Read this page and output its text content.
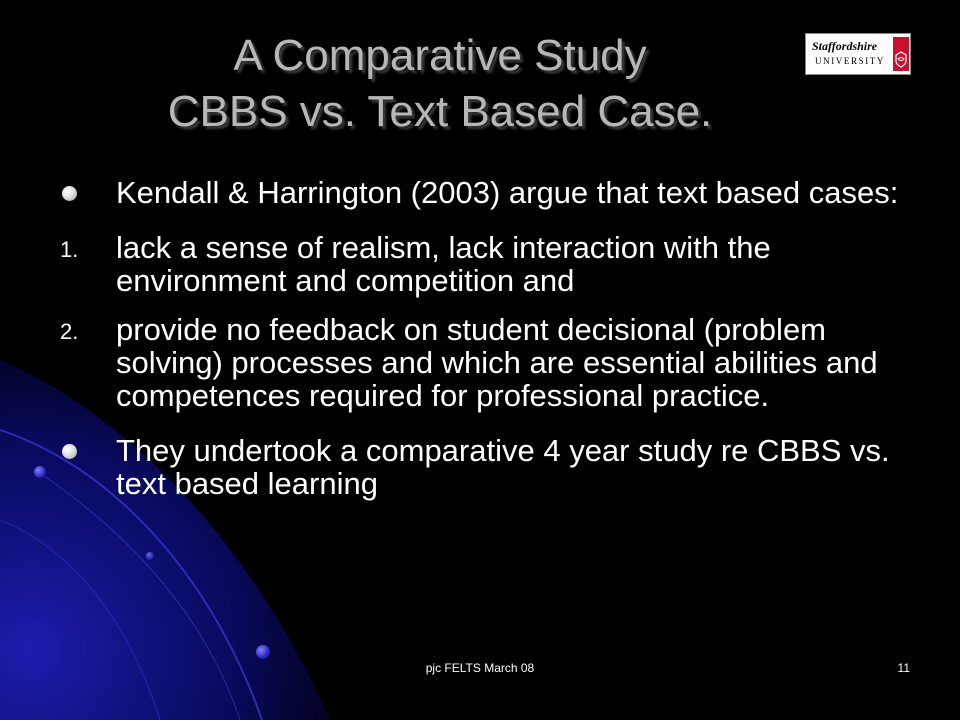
A Comparative Study
CBBS vs. Text Based Case.
Staffordshire
UNIVERSITY
Kendall & Harrington (2003) argue that text based cases:
1. lack a sense of realism, lack interaction with the environment and competition and
2. provide no feedback on student decisional (problem solving) processes and which are essential abilities and competences required for professional practice.
They undertook a comparative 4 year study re CBBS vs. text based learning
pjc FELTS March 08	11
